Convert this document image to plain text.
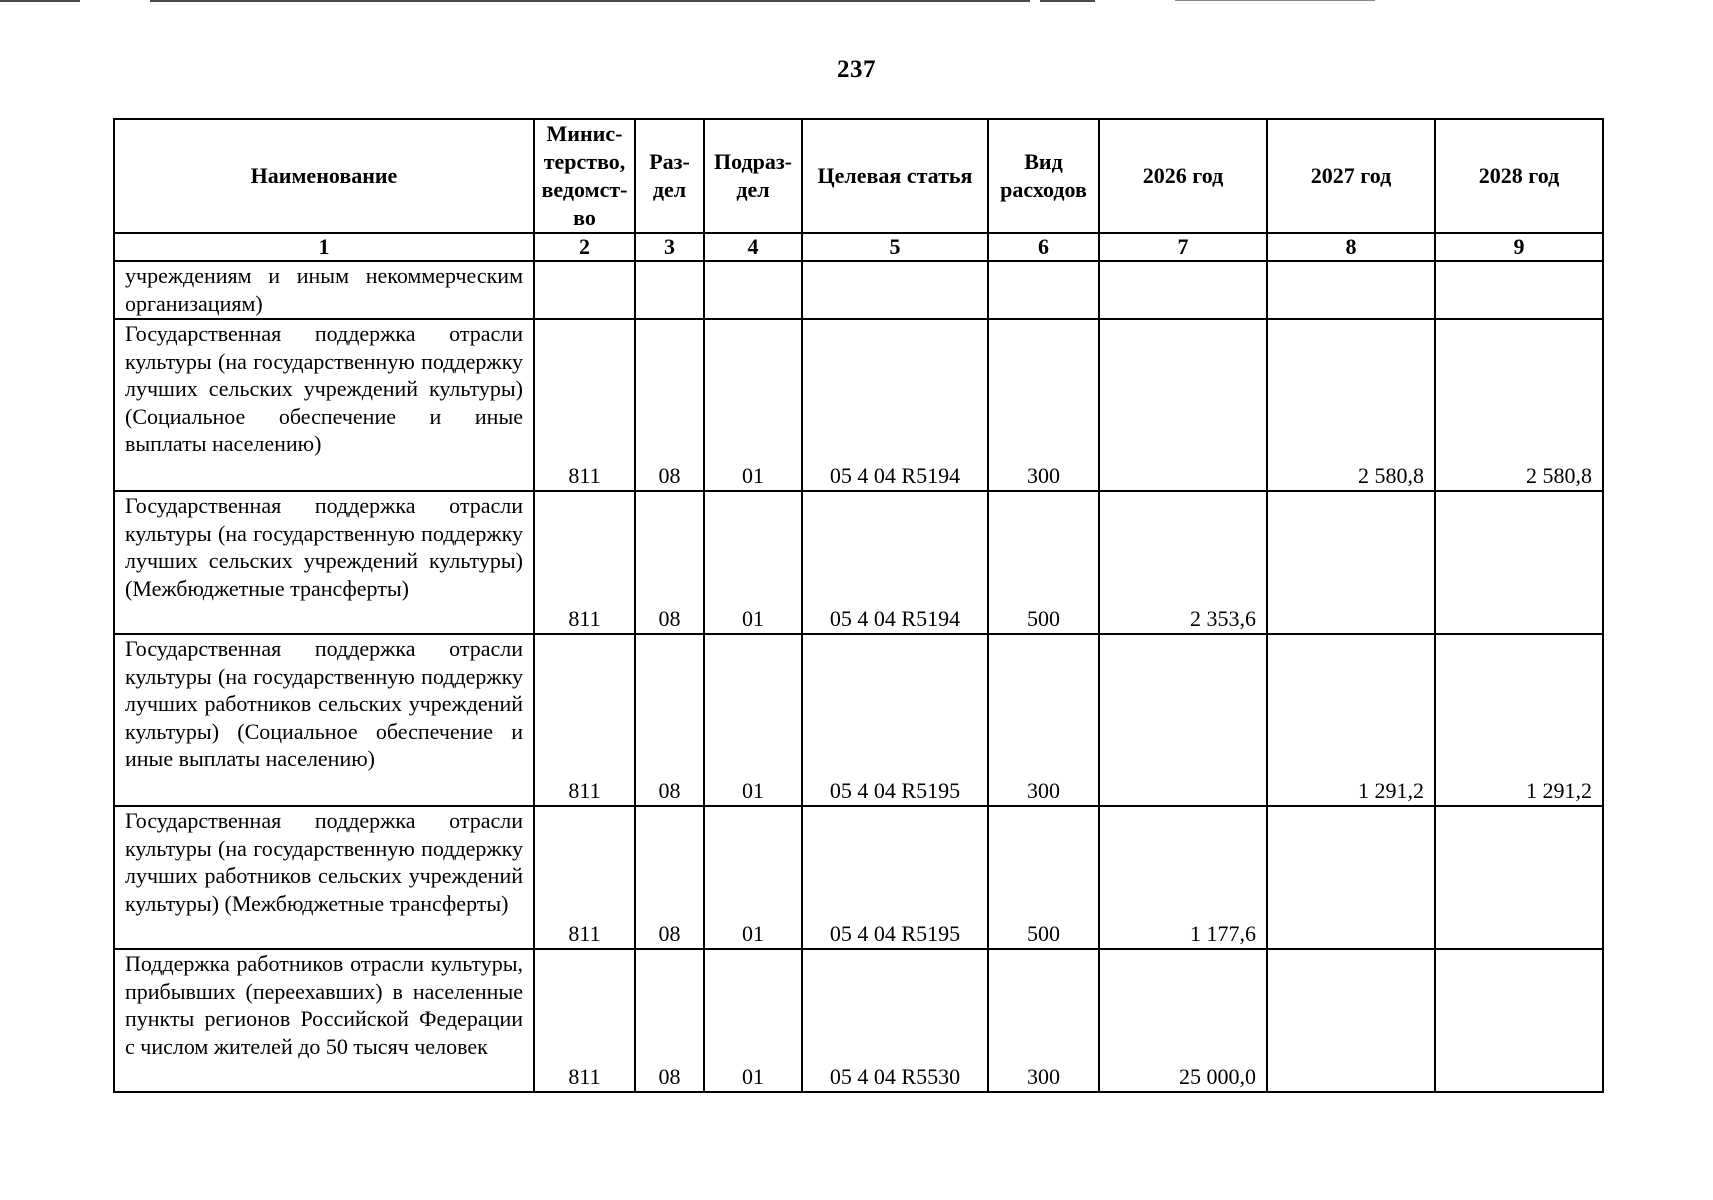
237
Наименование	Минис-терство, ведомст-во	Раз-дел	Подраз-дел	Целевая статья	Вид расходов	2026 год	2027 год	2028 год
1	2	3	4	5	6	7	8	9
учреждениям и иным некоммерческим организациям)								
Государственная поддержка отрасли культуры (на государственную поддержку лучших сельских учреждений культуры) (Социальное обеспечение и иные выплаты населению)	811	08	01	05 4 04 R5194	300		2 580,8	2 580,8
Государственная поддержка отрасли культуры (на государственную поддержку лучших сельских учреждений культуры) (Межбюджетные трансферты)	811	08	01	05 4 04 R5194	500	2 353,6		
Государственная поддержка отрасли культуры (на государственную поддержку лучших работников сельских учреждений культуры) (Социальное обеспечение и иные выплаты населению)	811	08	01	05 4 04 R5195	300		1 291,2	1 291,2
Государственная поддержка отрасли культуры (на государственную поддержку лучших работников сельских учреждений культуры) (Межбюджетные трансферты)	811	08	01	05 4 04 R5195	500	1 177,6		
Поддержка работников отрасли культуры, прибывших (переехавших) в населенные пункты регионов Российской Федерации с числом жителей до 50 тысяч человек	811	08	01	05 4 04 R5530	300	25 000,0		
